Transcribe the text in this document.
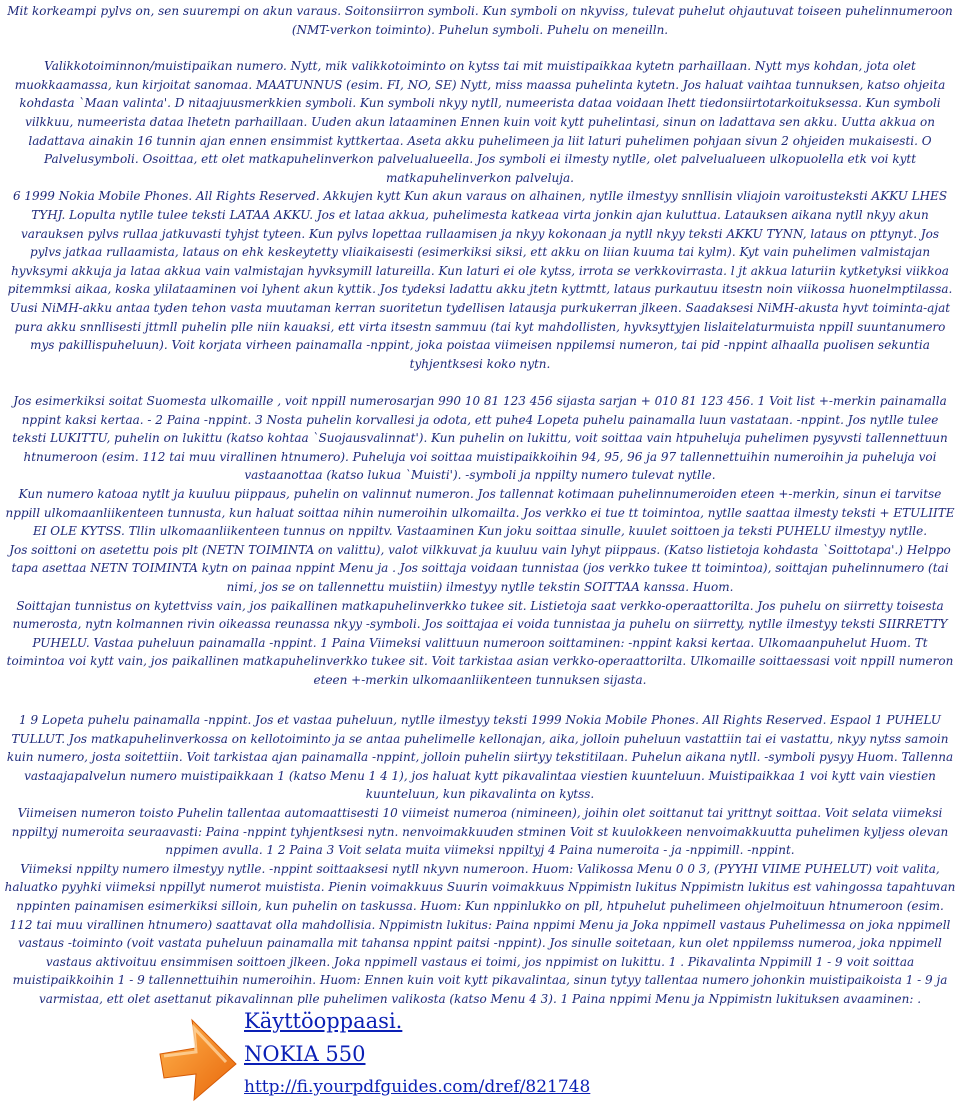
Mit korkeampi pylvs on, sen suurempi on akun varaus. Soitonsiirron symboli. Kun symboli on nkyviss, tulevat puhelut ohjautuvat toiseen puhelinnumeroon (NMT-verkon toiminto). Puhelun symboli. Puhelu on meneilln.
Valikkotoiminnon/muistipaikan numero. Nytt, mik valikkotoiminto on kytss tai mit muistipaikkaa kytetn parhaillaan. Nytt mys kohdan, jota olet muokkaamassa, kun kirjoitat sanomaa. MAATUNNUS (esim. FI, NO, SE) Nytt, miss maassa puhelinta kytetn. Jos haluat vaihtaa tunnuksen, katso ohjeita kohdasta `Maan valinta'. D nitaajuusmerkkien symboli. Kun symboli nkyy nytll, numeerista dataa voidaan lhett tiedonsiirtotarkoituksessa. Kun symboli vilkkuu, numeerista dataa lhetetn parhaillaan. Uuden akun lataaminen Ennen kuin voit kytt puhelintasi, sinun on ladattava sen akku. Uutta akkua on ladattava ainakin 16 tunnin ajan ennen ensimmist kyttkertaa. Aseta akku puhelimeen ja liit laturi puhelimen pohjaan sivun 2 ohjeiden mukaisesti. O Palvelusymboli. Osoittaa, ett olet matkapuhelinverkon palvelualueella. Jos symboli ei ilmesty nytlle, olet palvelualueen ulkopuolella etk voi kytt matkapuhelinverkon palveluja.
6 1999 Nokia Mobile Phones. All Rights Reserved. Akkujen kytt Kun akun varaus on alhainen, nytlle ilmestyy snnllisin vliajoin varoitusteksti AKKU LHES TYHJ. Lopulta nytlle tulee teksti LATAA AKKU. Jos et lataa akkua, puhelimesta katkeaa virta jonkin ajan kuluttua. Latauksen aikana nytll nkyy akun varauksen pylvs rullaa jatkuvasti tyhjst tyteen. Kun pylvs lopettaa rullaamisen ja nkyy kokonaan ja nytll nkyy teksti AKKU TYNN, lataus on pttynyt. Jos pylvs jatkaa rullaamista, lataus on ehk keskeytetty vliaikaisesti (esimerkiksi siksi, ett akku on liian kuuma tai kylm). Kyt vain puhelimen valmistajan hyvksymi akkuja ja lataa akkua vain valmistajan hyvksymill latureilla. Kun laturi ei ole kytss, irrota se verkkovirrasta. l jt akkua laturiin kytketyksi viikkoa pitemmksi aikaa, koska ylilataaminen voi lyhent akun kyttik. Jos tydeksi ladattu akku jtetn kyttmtt, lataus purkautuu itsestn noin viikossa huonelmptilassa. Uusi NiMH-akku antaa tyden tehon vasta muutaman kerran suoritetun tydellisen latausja purkukerran jlkeen. Saadaksesi NiMH-akusta hyvt toiminta-ajat pura akku snnllisesti jttmll puhelin plle niin kauaksi, ett virta itsestn sammuu (tai kyt mahdollisten, hyvksyttyjen lislaitelaturmuista nppill suuntanumero mys pakillispuheluun). Voit korjata virheen painamalla -nppint, joka poistaa viimeisen nppilemsi numeron, tai pid -nppint alhaalla puolisen sekuntia tyhjentksesi koko nytn.
Jos esimerkiksi soitat Suomesta ulkomaille , voit nppill numerosarjan 990 10 81 123 456 sijasta sarjan + 010 81 123 456. 1 Voit list +-merkin painamalla nppint kaksi kertaa. - 2 Paina -nppint. 3 Nosta puhelin korvallesi ja odota, ett puhe4 Lopeta puhelu painamalla luun vastataan. -nppint. Jos nytlle tulee teksti LUKITTU, puhelin on lukittu (katso kohtaa `Suojausvalinnat'). Kun puhelin on lukittu, voit soittaa vain htpuheluja puhelimen pysyvsti tallennettuun htnumeroon (esim. 112 tai muu virallinen htnumero). Puheluja voi soittaa muistipaikkoihin 94, 95, 96 ja 97 tallennettuihin numeroihin ja puheluja voi vastaanottaa (katso lukua `Muisti'). -symboli ja nppilty numero tulevat nytlle.
Kun numero katoaa nytlt ja kuuluu piippaus, puhelin on valinnut numeron. Jos tallennat kotimaan puhelinnumeroiden eteen +-merkin, sinun ei tarvitse nppill ulkomaanliikenteen tunnusta, kun haluat soittaa nihin numeroihin ulkomailta. Jos verkko ei tue tt toimintoa, nytlle saattaa ilmesty teksti + ETULIITE EI OLE KYTSS. Tllin ulkomaanliikenteen tunnus on nppiltv. Vastaaminen Kun joku soittaa sinulle, kuulet soittoen ja teksti PUHELU ilmestyy nytlle.
Jos soittoni on asetettu pois plt (NETN TOIMINTA on valittu), valot vilkkuvat ja kuuluu vain lyhyt piippaus. (Katso listietoja kohdasta `Soittotapa'.) Helppo tapa asettaa NETN TOIMINTA kytn on painaa nppint Menu ja . Jos soittaja voidaan tunnistaa (jos verkko tukee tt toimintoa), soittajan puhelinnumero (tai nimi, jos se on tallennettu muistiin) ilmestyy nytlle tekstin SOITTAA kanssa. Huom.
Soittajan tunnistus on kytettviss vain, jos paikallinen matkapuhelinverkko tukee sit. Listietoja saat verkko-operaattorilta. Jos puhelu on siirretty toisesta numerosta, nytn kolmannen rivin oikeassa reunassa nkyy -symboli. Jos soittajaa ei voida tunnistaa ja puhelu on siirretty, nytlle ilmestyy teksti SIIRRETTY PUHELU. Vastaa puheluun painamalla -nppint. 1 Paina Viimeksi valittuun numeroon soittaminen: -nppint kaksi kertaa. Ulkomaanpuhelut Huom. Tt toimintoa voi kytt vain, jos paikallinen matkapuhelinverkko tukee sit. Voit tarkistaa asian verkko-operaattorilta. Ulkomaille soittaessasi voit nppill numeron eteen +-merkin ulkomaanliikenteen tunnuksen sijasta.
1 9 Lopeta puhelu painamalla -nppint. Jos et vastaa puheluun, nytlle ilmestyy teksti 1999 Nokia Mobile Phones. All Rights Reserved. Espaol 1 PUHELU TULLUT. Jos matkapuhelinverkossa on kellotoiminto ja se antaa puhelimelle kellonajan, aika, jolloin puheluun vastattiin tai ei vastattu, nkyy nytss samoin kuin numero, josta soitettiin. Voit tarkistaa ajan painamalla -nppint, jolloin puhelin siirtyy tekstitilaan. Puhelun aikana nytll. -symboli pysyy Huom. Tallenna vastaajapalvelun numero muistipaikkaan 1 (katso Menu 1 4 1), jos haluat kytt pikavalintaa viestien kuunteluun. Muistipaikkaa 1 voi kytt vain viestien kuunteluun, kun pikavalinta on kytss.
Viimeisen numeron toisto Puhelin tallentaa automaattisesti 10 viimeist numeroa (nimineen), joihin olet soittanut tai yrittnyt soittaa. Voit selata viimeksi nppiltyj numeroita seuraavasti: Paina -nppint tyhjentksesi nytn. nenvoimakkuuden stminen Voit st kuulokkeen nenvoimakkuutta puhelimen kyljess olevan nppimen avulla. 1 2 Paina 3 Voit selata muita viimeksi nppiltyj 4 Paina numeroita - ja -nppimill. -nppint.
Viimeksi nppilty numero ilmestyy nytlle. -nppint soittaaksesi nytll nkyvn numeroon. Huom: Valikossa Menu 0 0 3, (PYYHI VIIME PUHELUT) voit valita, haluatko pyyhki viimeksi nppillyt numerot muistista. Pienin voimakkuus Suurin voimakkuus Nppimistn lukitus Nppimistn lukitus est vahingossa tapahtuvan nppinten painamisen esimerkiksi silloin, kun puhelin on taskussa. Huom: Kun nppinlukko on pll, htpuhelut puhelimeen ohjelmoituun htnumeroon (esim. 112 tai muu virallinen htnumero) saattavat olla mahdollisia. Nppimistn lukitus: Paina nppimi Menu ja Joka nppimell vastaus Puhelimessa on joka nppimell vastaus -toiminto (voit vastata puheluun painamalla mit tahansa nppint paitsi -nppint). Jos sinulle soitetaan, kun olet nppilemss numeroa, joka nppimell vastaus aktivoituu ensimmisen soittoen jlkeen. Joka nppimell vastaus ei toimi, jos nppimist on lukittu. 1 . Pikavalinta Nppimill 1 - 9 voit soittaa muistipaikkoihin 1 - 9 tallennettuihin numeroihin. Huom: Ennen kuin voit kytt pikavalintaa, sinun tytyy tallentaa numero johonkin muistipaikoista 1 - 9 ja varmistaa, ett olet asettanut pikavalinnan plle puhelimen valikosta (katso Menu 4 3). 1 Paina nppimi Menu ja Nppimistn lukituksen avaaminen: .
Käyttöoppaasi.
NOKIA 550
http://fi.yourpdfguides.com/dref/821748
